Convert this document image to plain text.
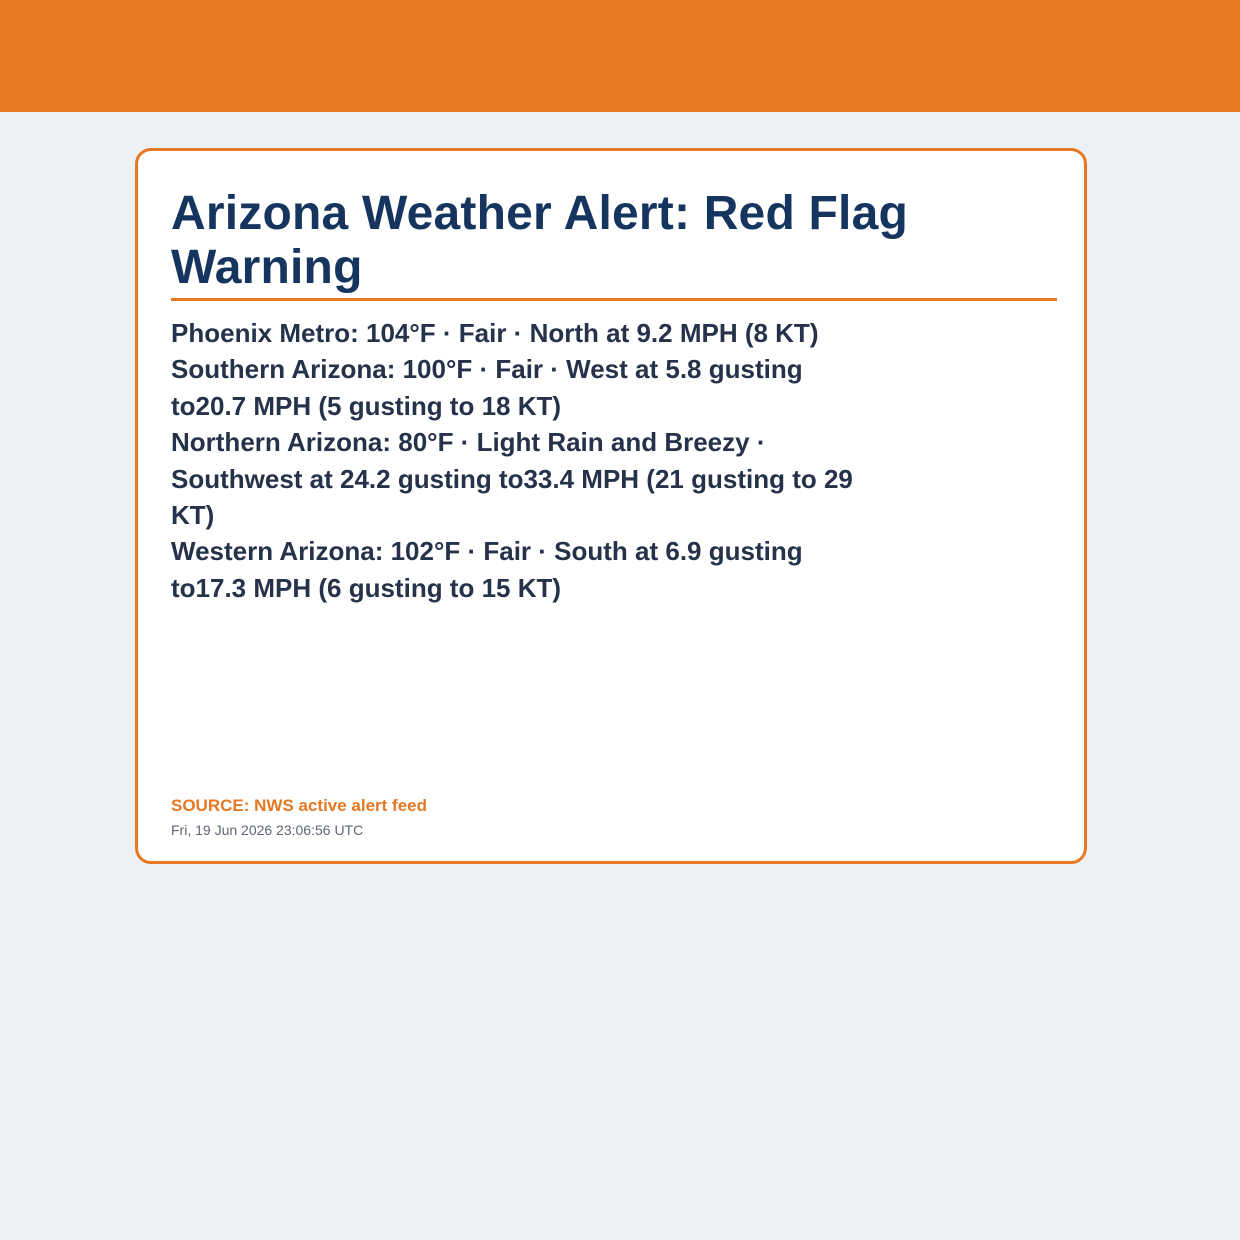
Arizona Weather Alert: Red Flag Warning
Phoenix Metro: 104°F · Fair · North at 9.2 MPH (8 KT)
Southern Arizona: 100°F · Fair · West at 5.8 gusting to20.7 MPH (5 gusting to 18 KT)
Northern Arizona: 80°F · Light Rain and Breezy · Southwest at 24.2 gusting to33.4 MPH (21 gusting to 29 KT)
Western Arizona: 102°F · Fair · South at 6.9 gusting to17.3 MPH (6 gusting to 15 KT)
SOURCE: NWS active alert feed
Fri, 19 Jun 2026 23:06:56 UTC
